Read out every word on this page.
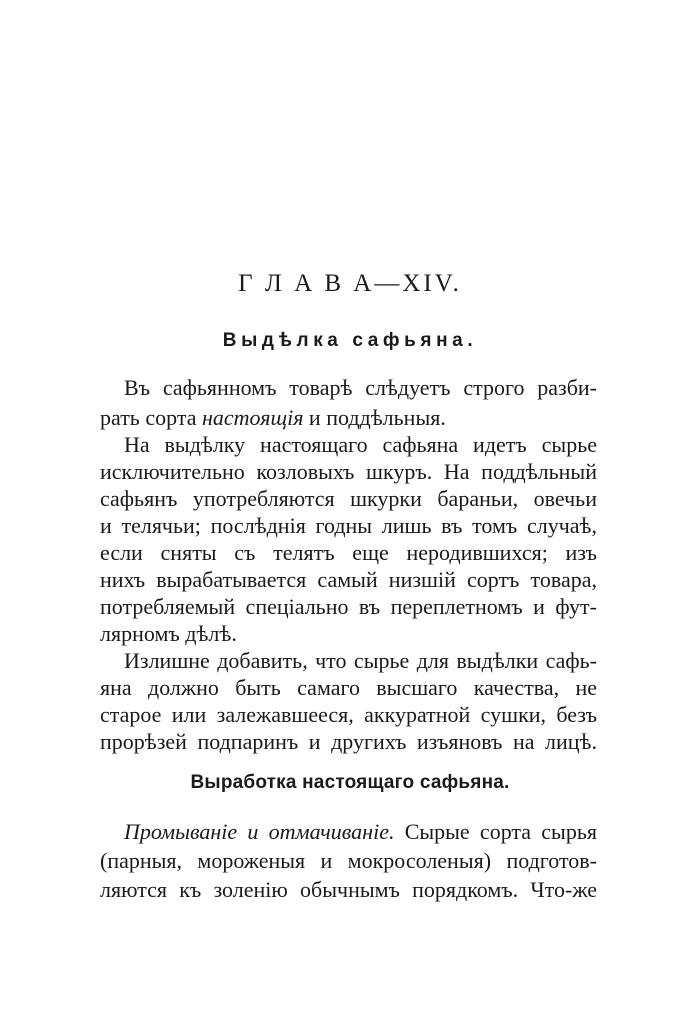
Г Л А В А—XIV.
Выдѣлка сафьяна.
Въ сафьянномъ товарѣ слѣдуетъ строго разби-
рать сорта настоящія и поддѣльныя.
На выдѣлку настоящаго сафьяна идетъ сырье
исключительно козловыхъ шкуръ. На поддѣльный
сафьянъ употребляются шкурки бараньи, овечьи
и телячьи; послѣднія годны лишь въ томъ случаѣ,
если сняты съ телятъ еще неродившихся; изъ
нихъ вырабатывается самый низшій сортъ товара,
потребляемый спеціально въ переплетномъ и фут-
лярномъ дѣлѣ.
Излишне добавить, что сырье для выдѣлки сафь-
яна должно быть самаго высшаго качества, не
старое или залежавшееся, аккуратной сушки, безъ
прорѣзей подпаринъ и другихъ изъяновъ на лицѣ.
Выработка настоящаго сафьяна.
Промываніе и отмачиваніе. Сырые сорта сырья
(парныя, мороженыя и мокросоленыя) подготов-
ляются къ золенію обычнымъ порядкомъ. Что-же
